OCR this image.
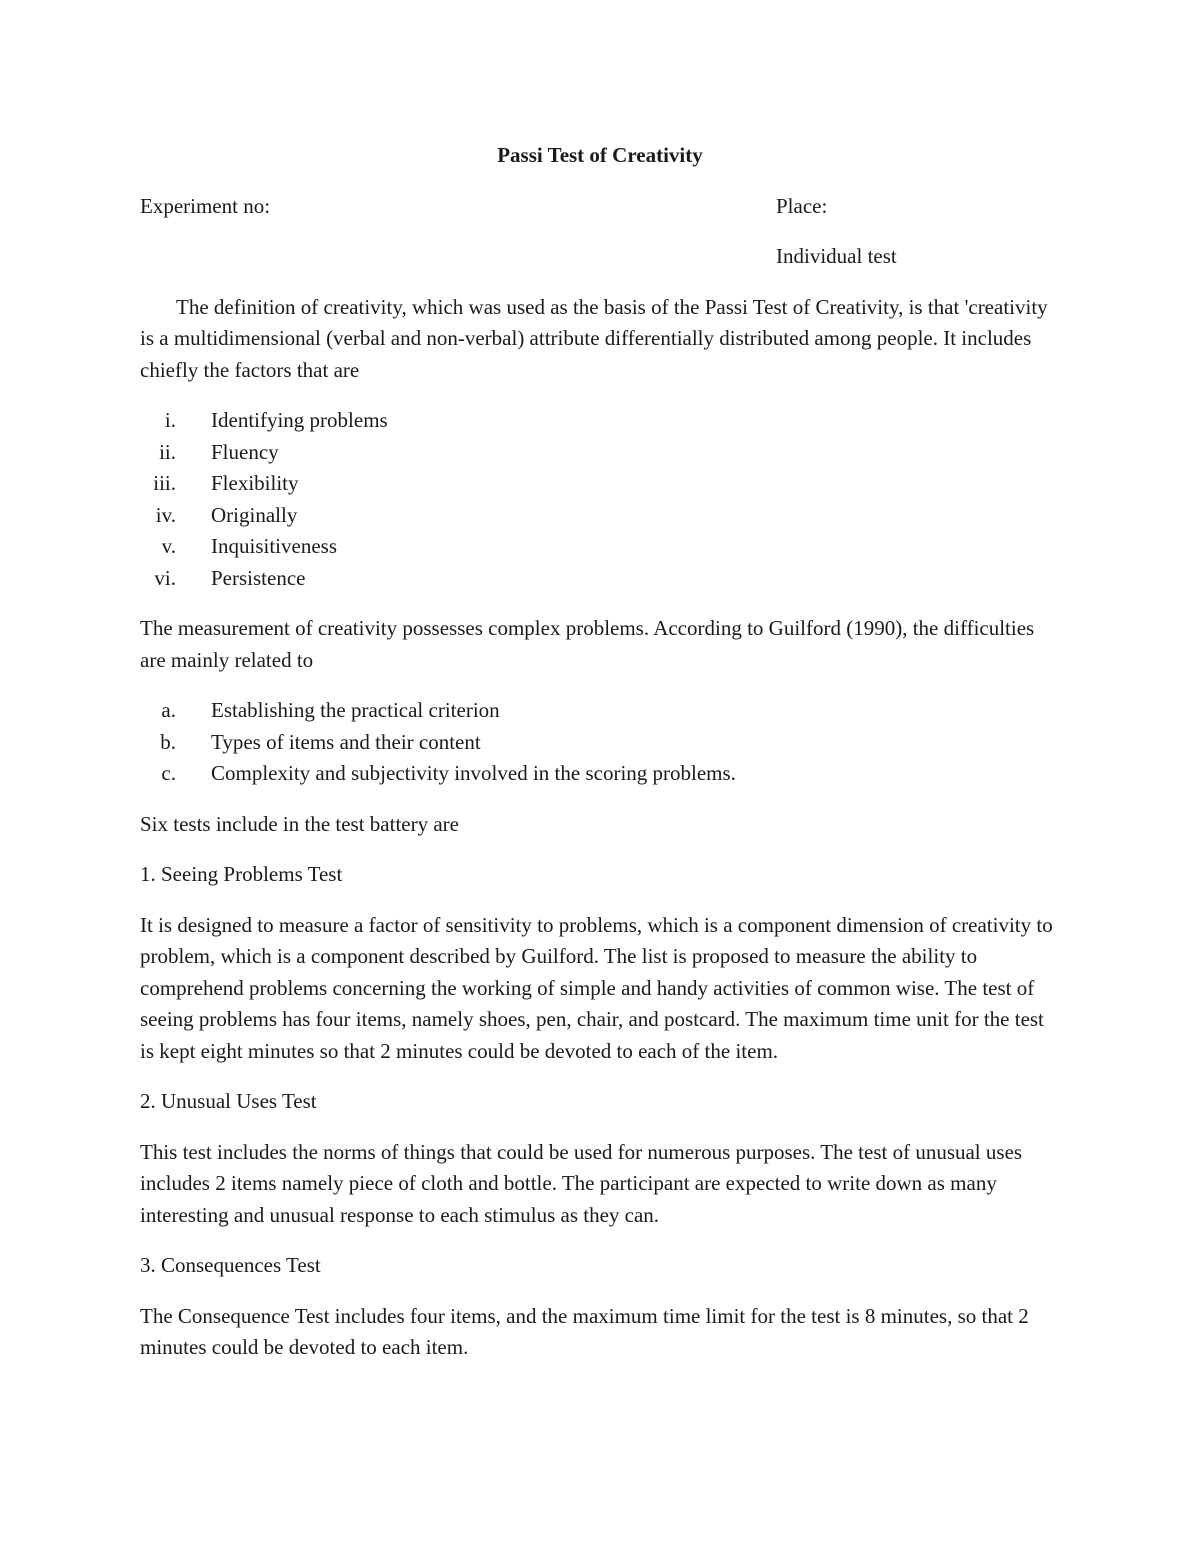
Passi Test of Creativity
Experiment no:	Place:
Individual test

The definition of creativity, which was used as the basis of the Passi Test of Creativity, is that 'creativity is a multidimensional (verbal and non-verbal) attribute differentially distributed among people. It includes chiefly the factors that are

i. Identifying problems
ii. Fluency
iii. Flexibility
iv. Originally
v. Inquisitiveness
vi. Persistence

The measurement of creativity possesses complex problems. According to Guilford (1990), the difficulties are mainly related to

a. Establishing the practical criterion
b. Types of items and their content
c. Complexity and subjectivity involved in the scoring problems.

Six tests include in the test battery are

1. Seeing Problems Test

It is designed to measure a factor of sensitivity to problems, which is a component dimension of creativity to problem, which is a component described by Guilford. The list is proposed to measure the ability to comprehend problems concerning the working of simple and handy activities of common wise. The test of seeing problems has four items, namely shoes, pen, chair, and postcard. The maximum time unit for the test is kept eight minutes so that 2 minutes could be devoted to each of the item.

2. Unusual Uses Test

This test includes the norms of things that could be used for numerous purposes. The test of unusual uses includes 2 items namely piece of cloth and bottle. The participant are expected to write down as many interesting and unusual response to each stimulus as they can.

3. Consequences Test

The Consequence Test includes four items, and the maximum time limit for the test is 8 minutes, so that 2 minutes could be devoted to each item.
